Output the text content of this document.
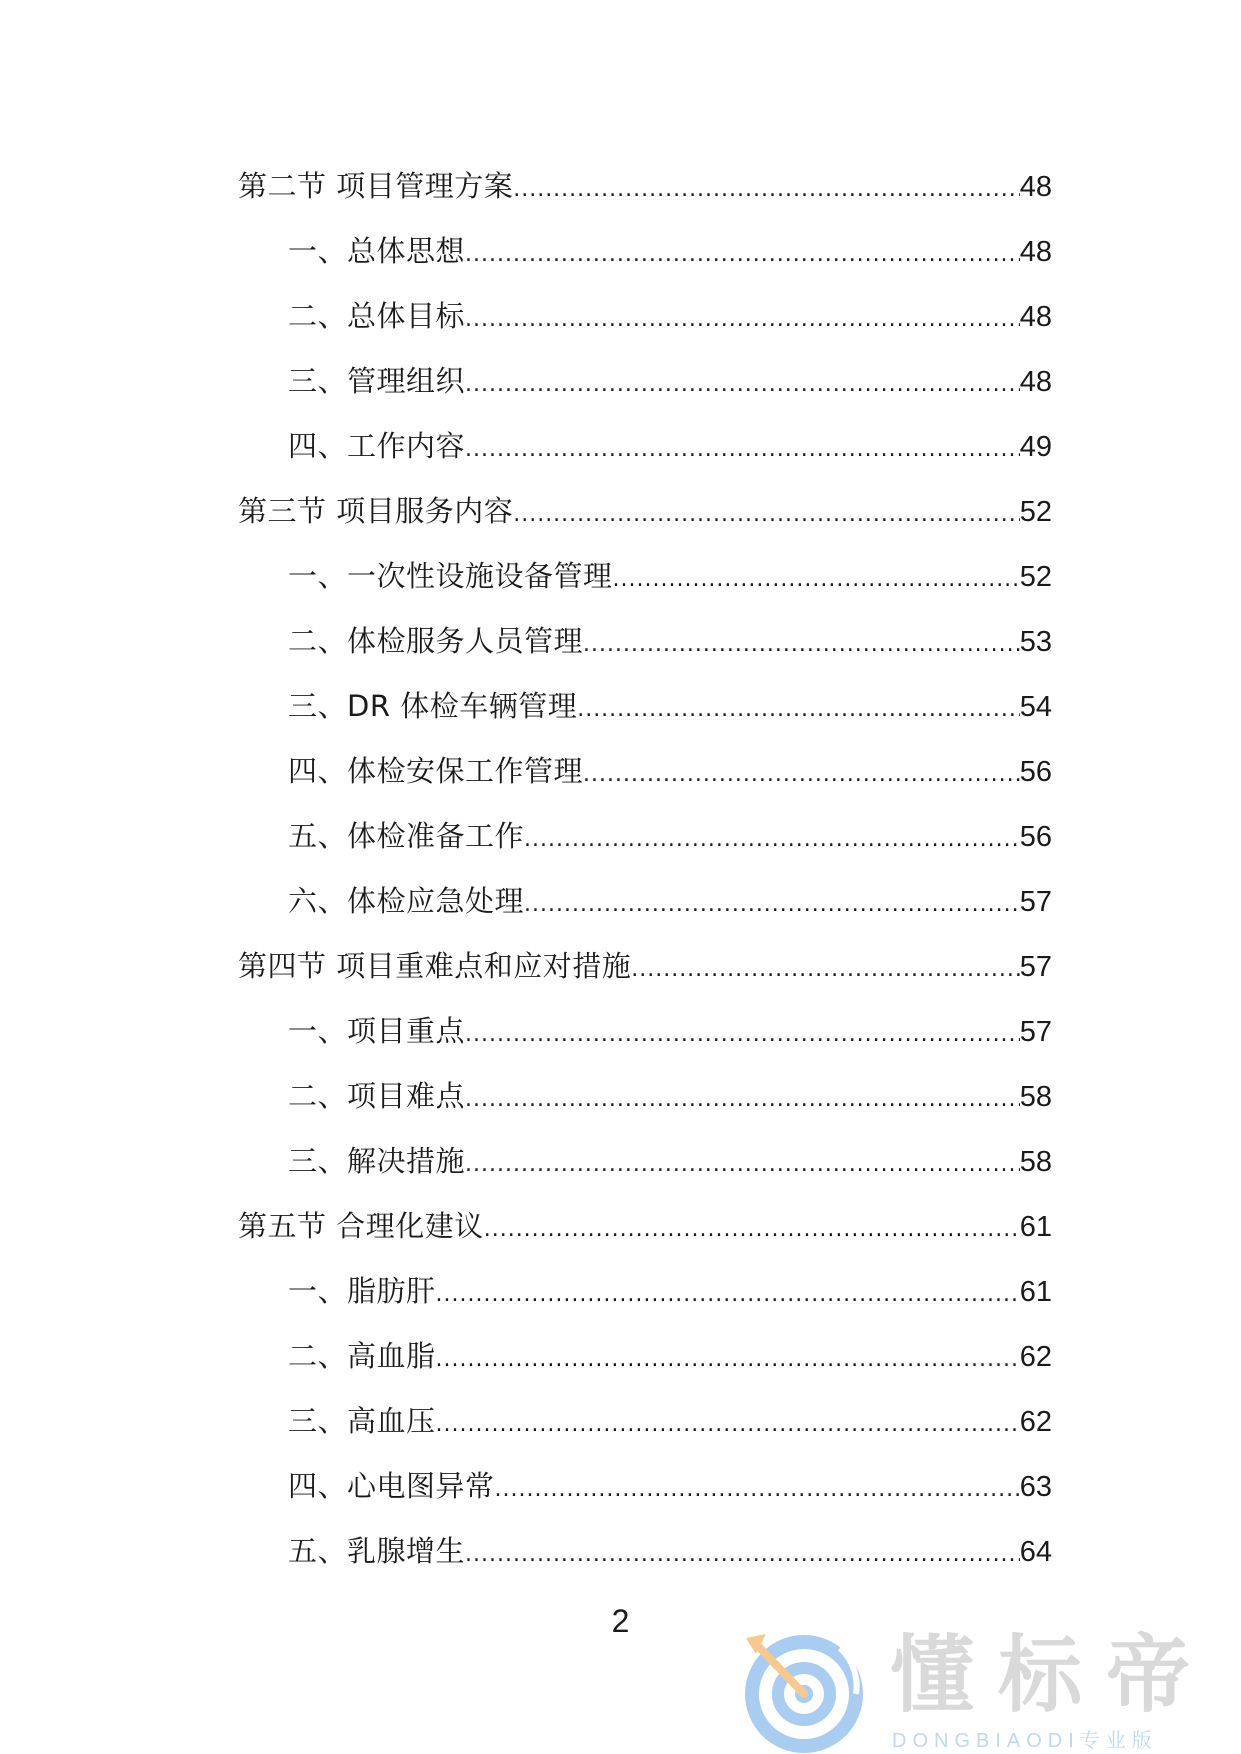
第二节 项目管理方案 .....	48
一、总体思想 .....	48
二、总体目标 .....	48
三、管理组织 .....	48
四、工作内容 .....	49
第三节 项目服务内容 .....	52
一、一次性设施设备管理 .....	52
二、体检服务人员管理 .....	53
三、DR 体检车辆管理 .....	54
四、体检安保工作管理 .....	56
五、体检准备工作 .....	56
六、体检应急处理 .....	57
第四节 项目重难点和应对措施 .....	57
一、项目重点 .....	57
二、项目难点 .....	58
三、解决措施 .....	58
第五节 合理化建议 .....	61
一、脂肪肝 .....	61
二、高血脂 .....	62
三、高血压 .....	62
四、心电图异常 .....	63
五、乳腺增生 .....	64
2
懂标帝
DONGBIAODI专业版
